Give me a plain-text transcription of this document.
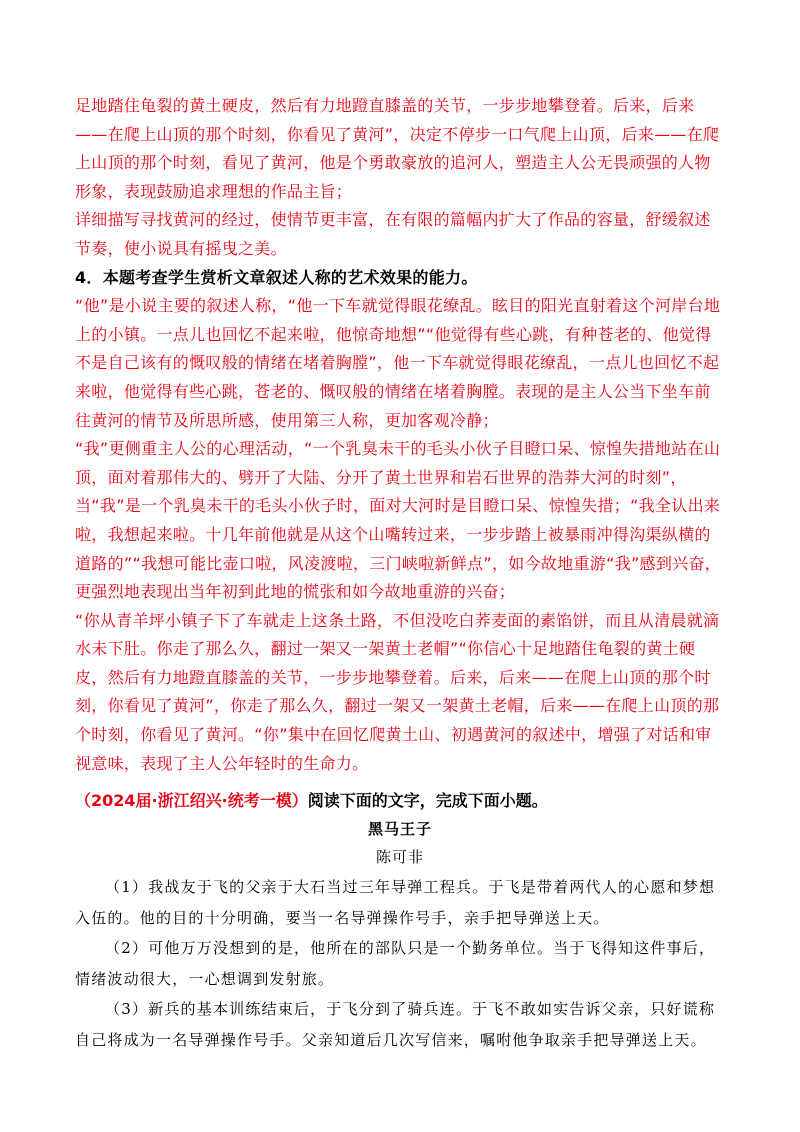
足地踏住龟裂的黄土硬皮，然后有力地蹬直膝盖的关节，一步步地攀登着。后来，后来——在爬上山顶的那个时刻，你看见了黄河”，决定不停步一口气爬上山顶，后来——在爬上山顶的那个时刻，看见了黄河，他是个勇敢豪放的追河人，塑造主人公无畏顽强的人物形象，表现鼓励追求理想的作品主旨；

详细描写寻找黄河的经过，使情节更丰富，在有限的篇幅内扩大了作品的容量，舒缓叙述节奏，使小说具有摇曳之美。

4．本题考查学生赏析文章叙述人称的艺术效果的能力。

“他”是小说主要的叙述人称，“他一下车就觉得眼花缭乱。眩目的阳光直射着这个河岸台地上的小镇。一点儿也回忆不起来啦，他惊奇地想”“他觉得有些心跳，有种苍老的、他觉得不是自己该有的慨叹般的情绪在堵着胸膛”，他一下车就觉得眼花缭乱，一点儿也回忆不起来啦，他觉得有些心跳，苍老的、慨叹般的情绪在堵着胸膛。表现的是主人公当下坐车前往黄河的情节及所思所感，使用第三人称，更加客观冷静；

“我”更侧重主人公的心理活动，“一个乳臭未干的毛头小伙子目瞪口呆、惊惶失措地站在山顶，面对着那伟大的、劈开了大陆、分开了黄土世界和岩石世界的浩莽大河的时刻”，当“我”是一个乳臭未干的毛头小伙子时，面对大河时是目瞪口呆、惊惶失措；“我全认出来啦，我想起来啦。十几年前他就是从这个山嘴转过来，一步步踏上被暴雨冲得沟渠纵横的道路的”“我想可能比壶口啦，风凌渡啦，三门峡啦新鲜点”，如今故地重游“我”感到兴奋，更强烈地表现出当年初到此地的慌张和如今故地重游的兴奋；

“你从青羊坪小镇子下了车就走上这条土路，不但没吃白荞麦面的素馅饼，而且从清晨就滴水未下肚。你走了那么久，翻过一架又一架黄土老帽”“你信心十足地踏住龟裂的黄土硬皮，然后有力地蹬直膝盖的关节，一步步地攀登着。后来，后来——在爬上山顶的那个时刻，你看见了黄河”，你走了那么久，翻过一架又一架黄土老帽，后来——在爬上山顶的那个时刻，你看见了黄河。“你”集中在回忆爬黄土山、初遇黄河的叙述中，增强了对话和审视意味，表现了主人公年轻时的生命力。

（2024届·浙江绍兴·统考一模）阅读下面的文字，完成下面小题。
黑马王子
陈可非

（1）我战友于飞的父亲于大石当过三年导弹工程兵。于飞是带着两代人的心愿和梦想入伍的。他的目的十分明确，要当一名导弹操作号手，亲手把导弹送上天。

（2）可他万万没想到的是，他所在的部队只是一个勤务单位。当于飞得知这件事后，情绪波动很大，一心想调到发射旅。

（3）新兵的基本训练结束后，于飞分到了骑兵连。于飞不敢如实告诉父亲，只好谎称自己将成为一名导弹操作号手。父亲知道后几次写信来，嘱咐他争取亲手把导弹送上天。
